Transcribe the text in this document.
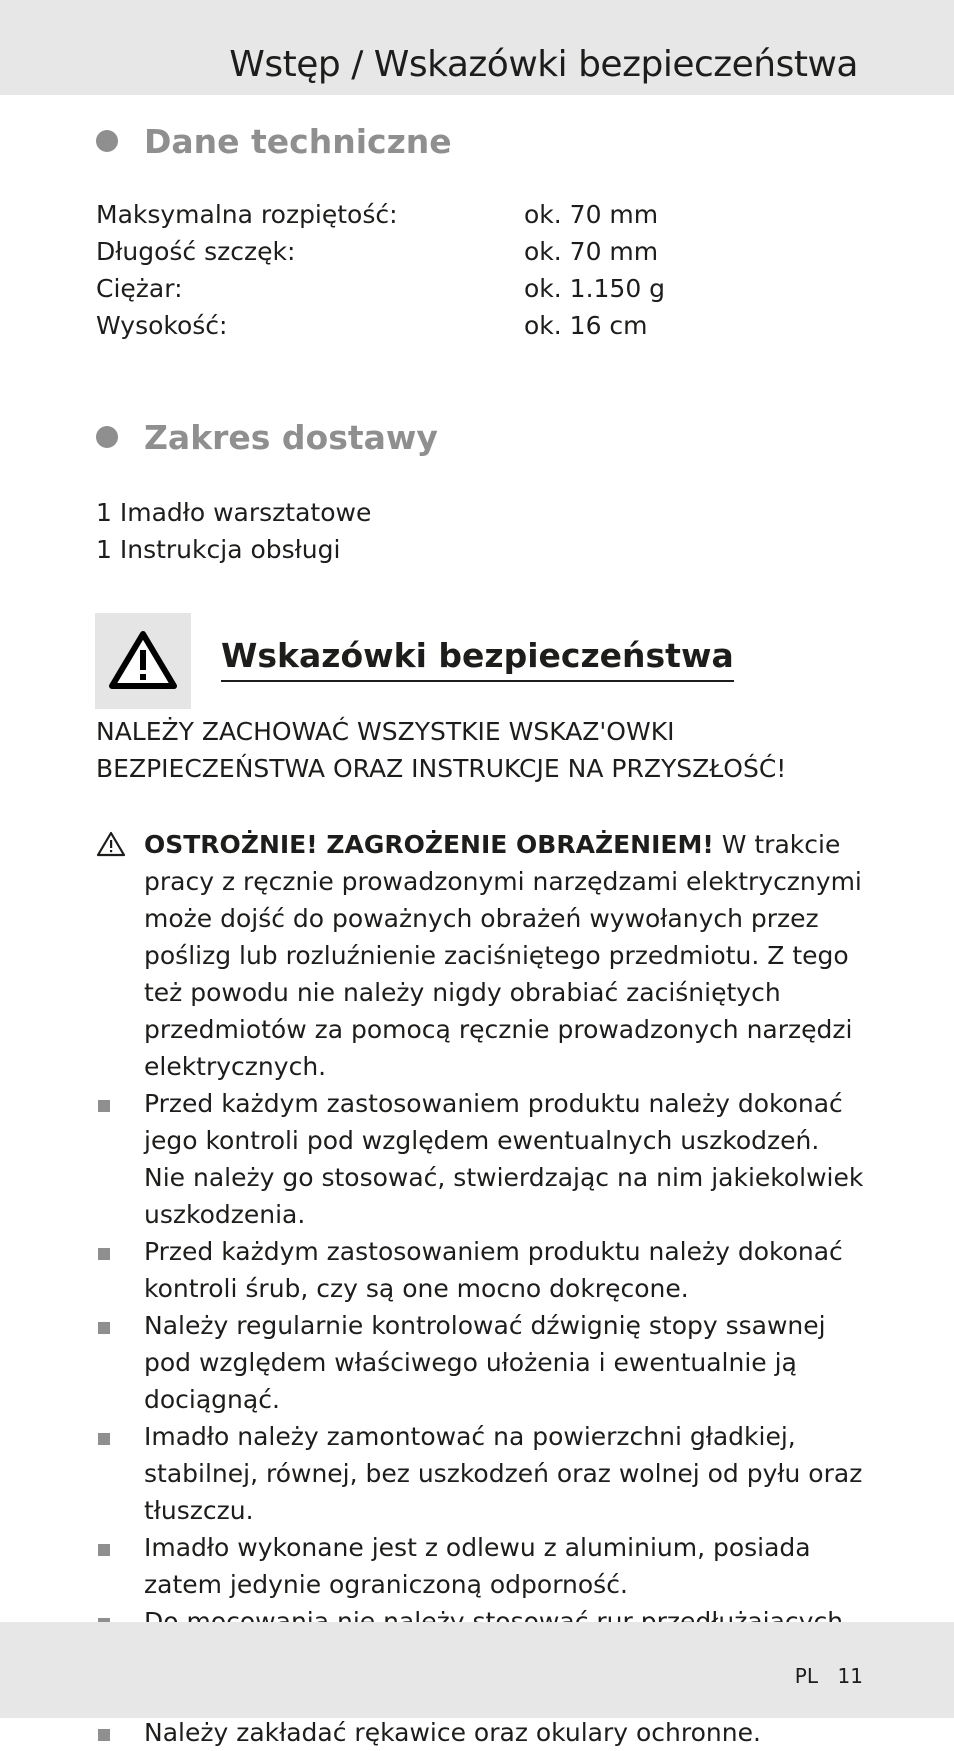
Wstęp / Wskazówki bezpieczeństwa
Dane techniczne
Maksymalna rozpiętość:	ok. 70 mm
Długość szczęk:	ok. 70 mm
Ciężar:	ok. 1.150 g
Wysokość:	ok. 16 cm
Zakres dostawy
1 Imadło warsztatowe
1 Instrukcja obsługi
Wskazówki bezpieczeństwa
NALEŻY ZACHOWAĆ WSZYSTKIE WSKAZ'OWKI BEZPIECZEŃSTWA ORAZ INSTRUKCJE NA PRZYSZŁOŚĆ!
OSTROŻNIE! ZAGROŻENIE OBRAŻENIEM! W trakcie pracy z ręcznie prowadzonymi narzędzami elektrycznymi może dojść do poważnych obrażeń wywołanych przez poślizg lub rozluźnienie zaciśniętego przedmiotu. Z tego też powodu nie należy nigdy obrabiać zaciśniętych przedmiotów za pomocą ręcznie prowadzonych narzędzi elektrycznych.
Przed każdym zastosowaniem produktu należy dokonać jego kontroli pod względem ewentualnych uszkodzeń. Nie należy go stosować, stwierdzając na nim jakiekolwiek uszkodzenia.
Przed każdym zastosowaniem produktu należy dokonać kontroli śrub, czy są one mocno dokręcone.
Należy regularnie kontrolować dźwignię stopy ssawnej pod względem właściwego ułożenia i ewentualnie ją dociągnąć.
Imadło należy zamontować na powierzchni gładkiej, stabilnej, równej, bez uszkodzeń oraz wolnej od pyłu oraz tłuszczu.
Imadło wykonane jest z odlewu z aluminium, posiada zatem jedynie ograniczoną odporność.
Należy zakładać rękawice oraz okulary ochronne.
PL 11
